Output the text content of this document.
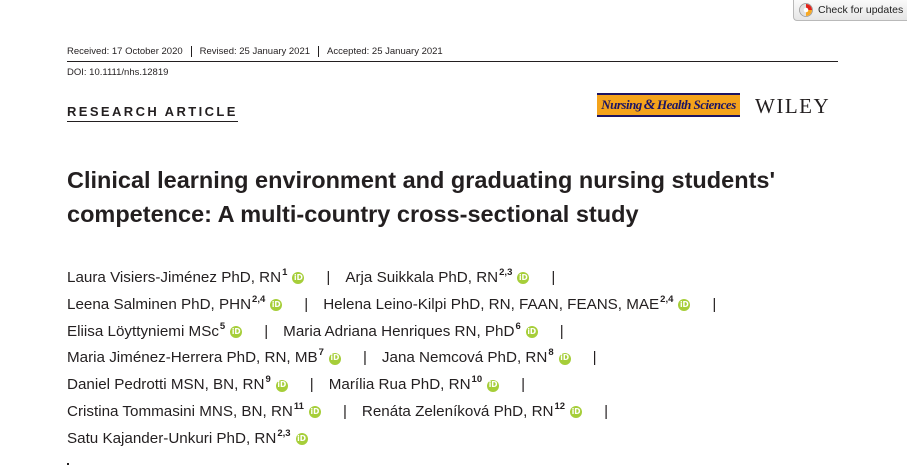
Check for updates
Received: 17 October 2020 Revised: 25 January 2021 Accepted: 25 January 2021
DOI: 10.1111/nhs.12819
RESEARCH ARTICLE	Nursing & Health Sciences WILEY
Clinical learning environment and graduating nursing students'
competence: A multi-country cross-sectional study
Laura Visiers-Jiménez PhD, $RN^1$ iD | Arja Suikkala PhD, RN$^{2,3}$ iD |
Leena Salminen PhD, PHN$^{2,4}$ iD | Helena Leino-Kilpi PhD, RN, FAAN, FEANS, MAE$^{2,4}$ iD |
Eliisa Löyttyniemi MSc$^5$ iD | Maria Adriana Henriques RN, PhD$^6$ iD |
Maria Jiménez-Herrera PhD, RN, $MB^7$ iD | Jana Nemcová PhD, $RN^8$ iD |
Daniel Pedrotti MSN, BN, $RN^9$ iD | Marília Rua PhD, RN$^{10}$ iD |
Cristina Tommasini MNS, BN, RN$^{11}$ iD | Renáta Zeleníková PhD, RN$^{12}$ iD |
Satu Kajander-Unkuri PhD, RN$^{2,3}$ iD
